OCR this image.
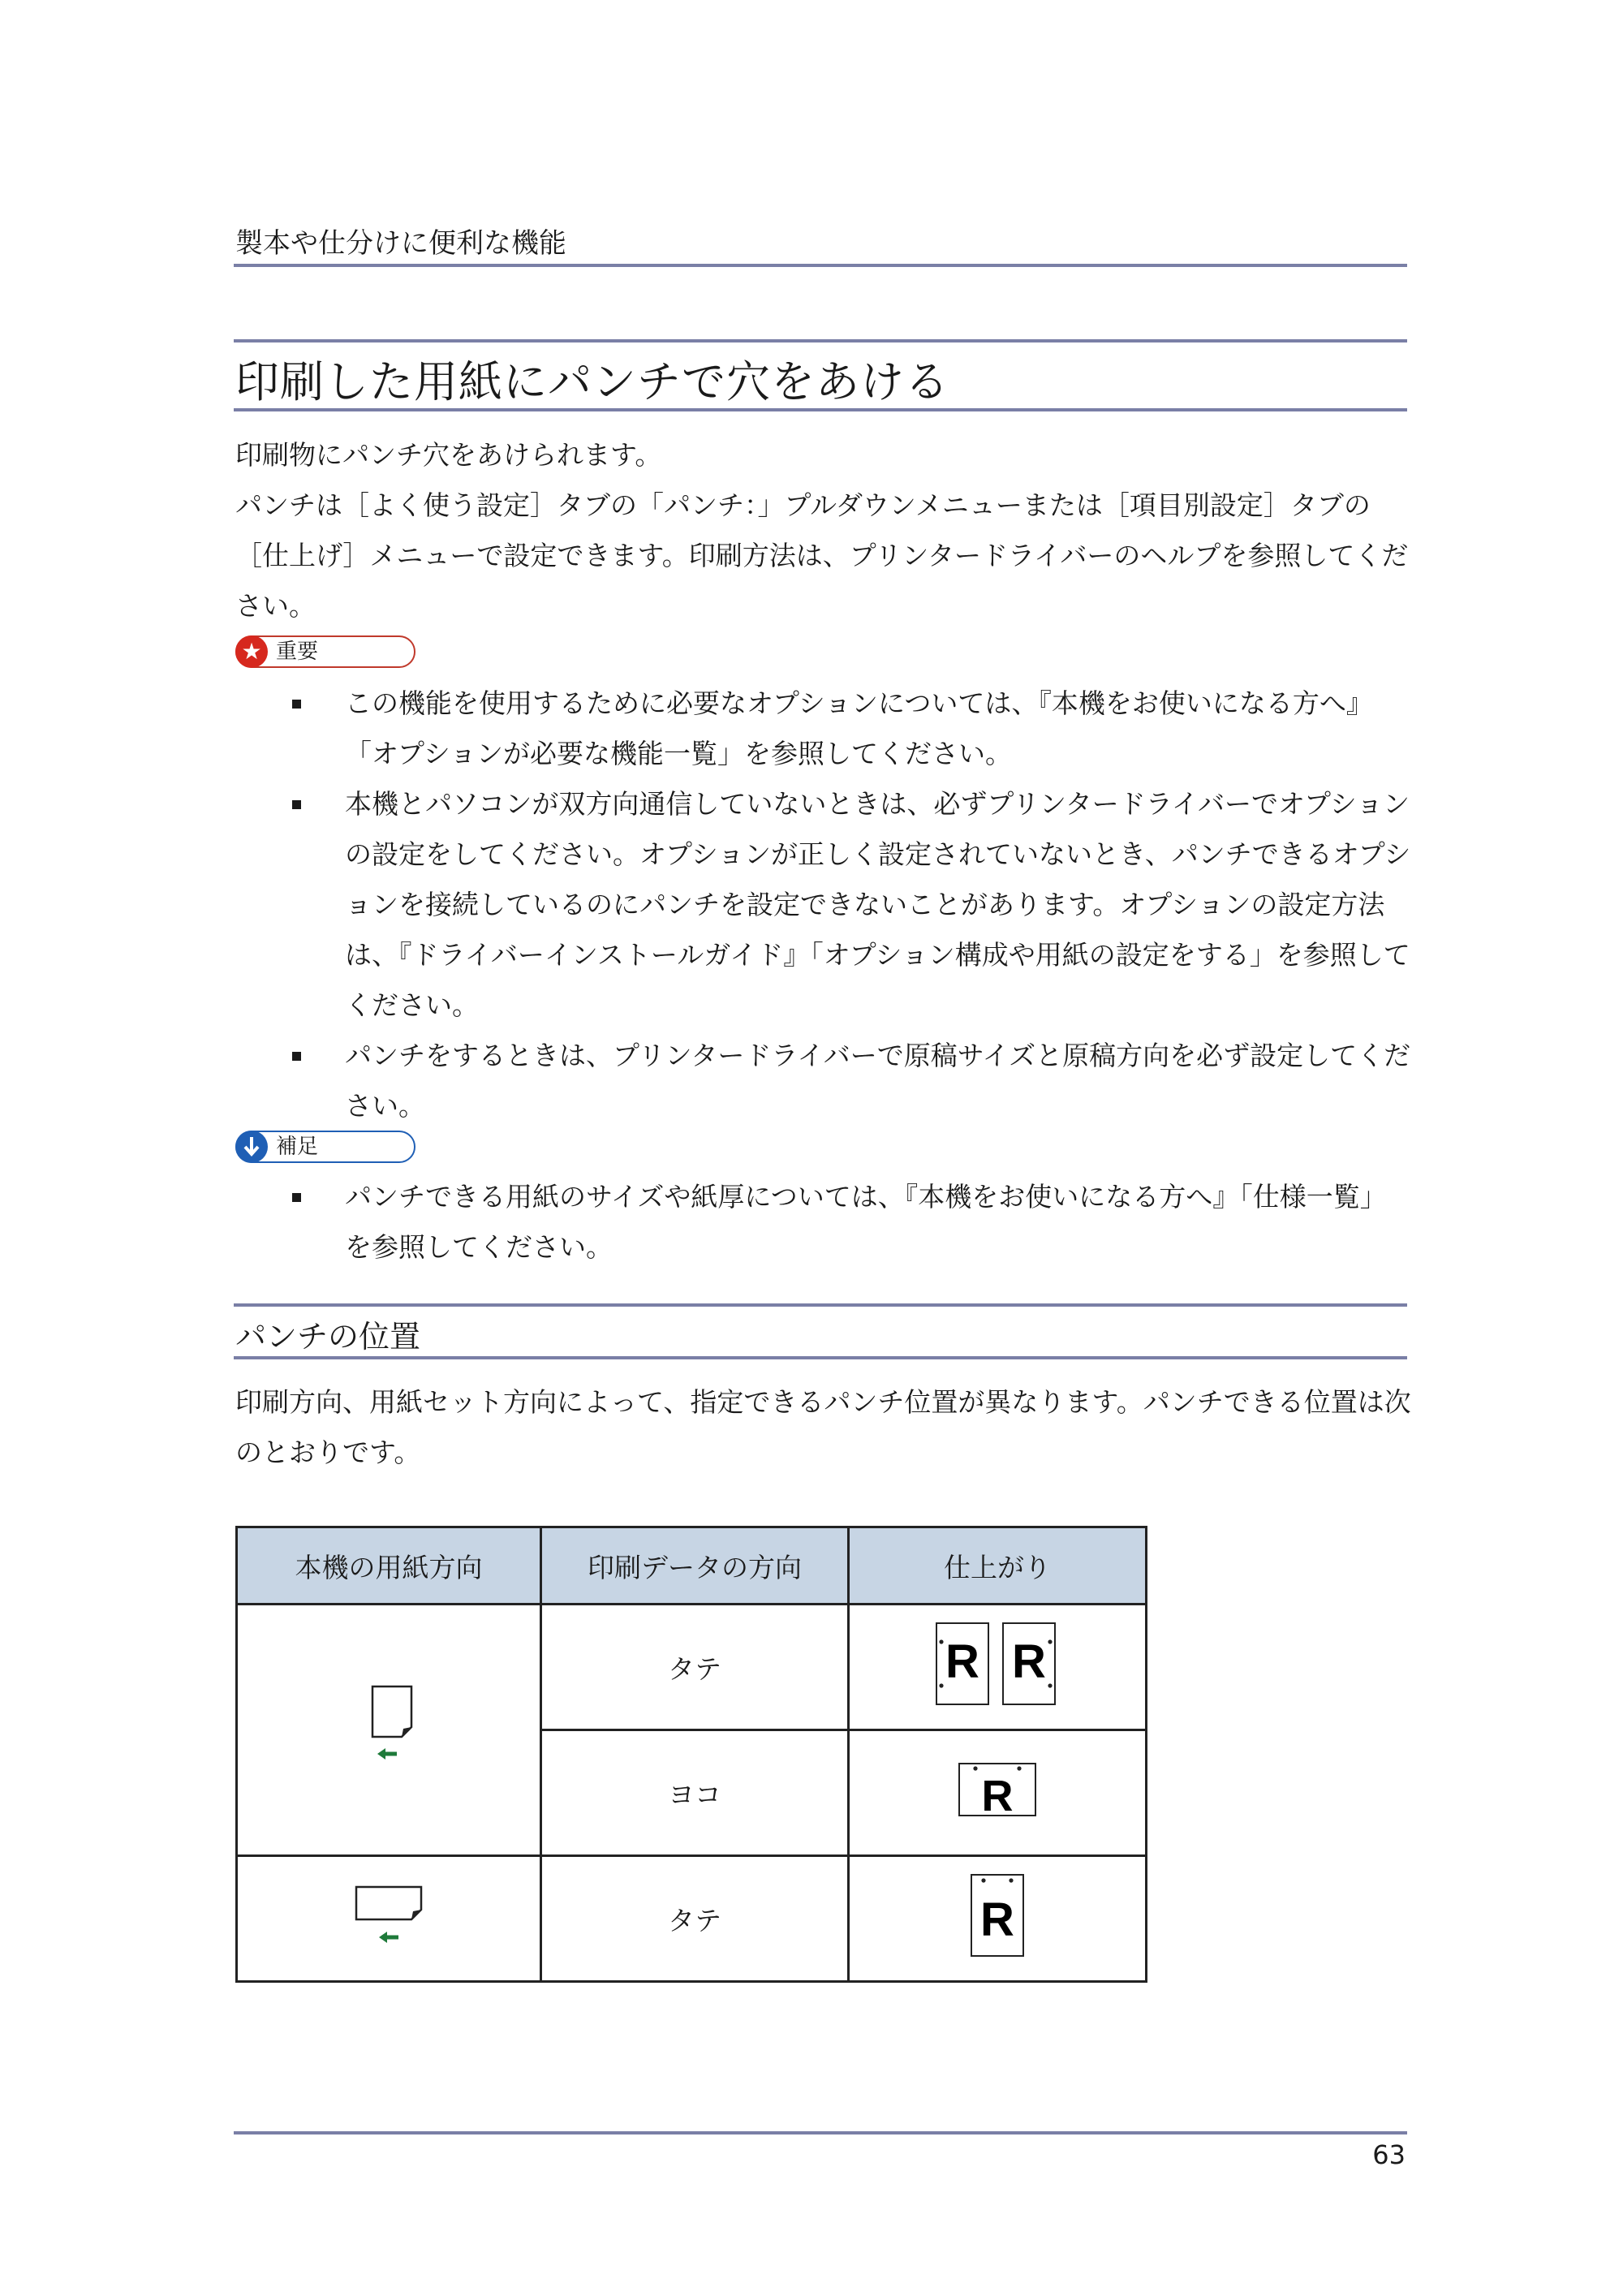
製本や仕分けに便利な機能
印刷した用紙にパンチで穴をあける

印刷物にパンチ穴をあけられます。

パンチは［よく使う設定］タブの「パンチ：」プルダウンメニューまたは［項目別設定］タブの［仕上げ］メニューで設定できます。印刷方法は、プリンタードライバーのヘルプを参照してください。

★ 重要
この機能を使用するために必要なオプションについては、『本機をお使いになる方へ』「オプションが必要な機能一覧」を参照してください。
本機とパソコンが双方向通信していないときは、必ずプリンタードライバーでオプションの設定をしてください。オプションが正しく設定されていないとき、パンチできるオプションを接続しているのにパンチを設定できないことがあります。オプションの設定方法は、『ドライバーインストールガイド』「オプション構成や用紙の設定をする」を参照してください。
パンチをするときは、プリンタードライバーで原稿サイズと原稿方向を必ず設定してください。
補足
パンチできる用紙のサイズや紙厚については、『本機をお使いになる方へ』「仕様一覧」を参照してください。
パンチの位置

印刷方向、用紙セット方向によって、指定できるパンチ位置が異なります。パンチできる位置は次のとおりです。

本機の用紙方向	印刷データの方向	仕上がり
	タテ	R R

	ヨコ	R

	タテ	R
63
